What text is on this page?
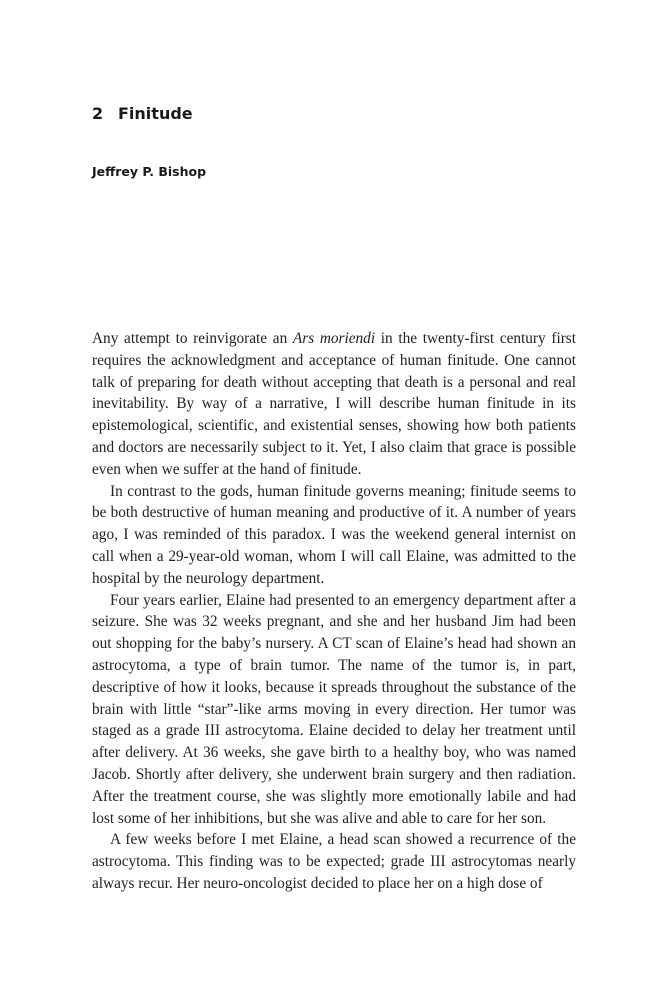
2 Finitude

Jeffrey P. Bishop

Any attempt to reinvigorate an Ars moriendi in the twenty-first century first requires the acknowledgment and acceptance of human finitude. One cannot talk of preparing for death without accepting that death is a personal and real inevitability. By way of a narrative, I will describe human finitude in its epistemological, scientific, and existential senses, showing how both patients and doctors are necessarily subject to it. Yet, I also claim that grace is possible even when we suffer at the hand of finitude.

In contrast to the gods, human finitude governs meaning; finitude seems to be both destructive of human meaning and productive of it. A number of years ago, I was reminded of this paradox. I was the weekend general internist on call when a 29-year-old woman, whom I will call Elaine, was admitted to the hospital by the neurology department.

Four years earlier, Elaine had presented to an emergency department after a seizure. She was 32 weeks pregnant, and she and her husband Jim had been out shopping for the baby’s nursery. A CT scan of Elaine’s head had shown an astrocytoma, a type of brain tumor. The name of the tumor is, in part, descriptive of how it looks, because it spreads throughout the substance of the brain with little “star”-like arms moving in every direction. Her tumor was staged as a grade III astrocytoma. Elaine decided to delay her treatment until after delivery. At 36 weeks, she gave birth to a healthy boy, who was named Jacob. Shortly after delivery, she underwent brain surgery and then radiation. After the treatment course, she was slightly more emotionally labile and had lost some of her inhibitions, but she was alive and able to care for her son.

A few weeks before I met Elaine, a head scan showed a recurrence of the astrocytoma. This finding was to be expected; grade III astrocytomas nearly always recur. Her neuro-oncologist decided to place her on a high dose of
